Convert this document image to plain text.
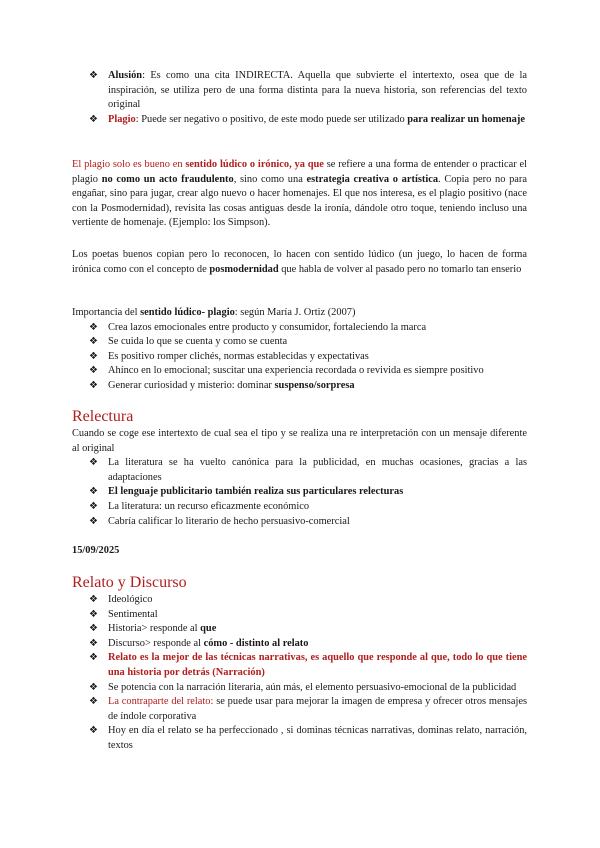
❖ Alusión: Es como una cita INDIRECTA. Aquella que subvierte el intertexto, osea que de la inspiración, se utiliza pero de una forma distinta para la nueva historia, son referencias del texto original
❖ Plagio: Puede ser negativo o positivo, de este modo puede ser utilizado para realizar un homenaje

El plagio solo es bueno en sentido lúdico o irónico, ya que se refiere a una forma de entender o practicar el plagio no como un acto fraudulento, sino como una estrategia creativa o artística. Copia pero no para engañar, sino para jugar, crear algo nuevo o hacer homenajes. El que nos interesa, es el plagio positivo (nace con la Posmodernidad), revisita las cosas antiguas desde la ironía, dándole otro toque, teniendo incluso una vertiente de homenaje. (Ejemplo: los Simpson).

Los poetas buenos copian pero lo reconocen, lo hacen con sentido lúdico (un juego, lo hacen de forma irónica como con el concepto de posmodernidad que habla de volver al pasado pero no tomarlo tan enserio

Importancia del sentido lúdico- plagio: según María J. Ortiz (2007)

❖ Crea lazos emocionales entre producto y consumidor, fortaleciendo la marca
❖ Se cuida lo que se cuenta y como se cuenta
❖ Es positivo romper clichés, normas establecidas y expectativas
❖ Ahínco en lo emocional; suscitar una experiencia recordada o revivida es siempre positivo
❖ Generar curiosidad y misterio: dominar suspenso/sorpresa
Relectura

Cuando se coge ese intertexto de cual sea el tipo y se realiza una re interpretación con un mensaje diferente al original

❖ La literatura se ha vuelto canónica para la publicidad, en muchas ocasiones, gracias a las adaptaciones
❖ El lenguaje publicitario también realiza sus particulares relecturas
❖ La literatura: un recurso eficazmente económico
❖ Cabría calificar lo literario de hecho persuasivo-comercial
15/09/2025
Relato y Discurso
❖ Ideológico
❖ Sentimental
❖ Historia> responde al que
❖ Discurso> responde al cómo - distinto al relato
❖ Relato es la mejor de las técnicas narrativas, es aquello que responde al que, todo lo que tiene una historia por detrás (Narración)
❖ Se potencia con la narración literaria, aún más, el elemento persuasivo-emocional de la publicidad
❖ La contraparte del relato: se puede usar para mejorar la imagen de empresa y ofrecer otros mensajes de índole corporativa
❖ Hoy en día el relato se ha perfeccionado , si dominas técnicas narrativas, dominas relato, narración, textos
